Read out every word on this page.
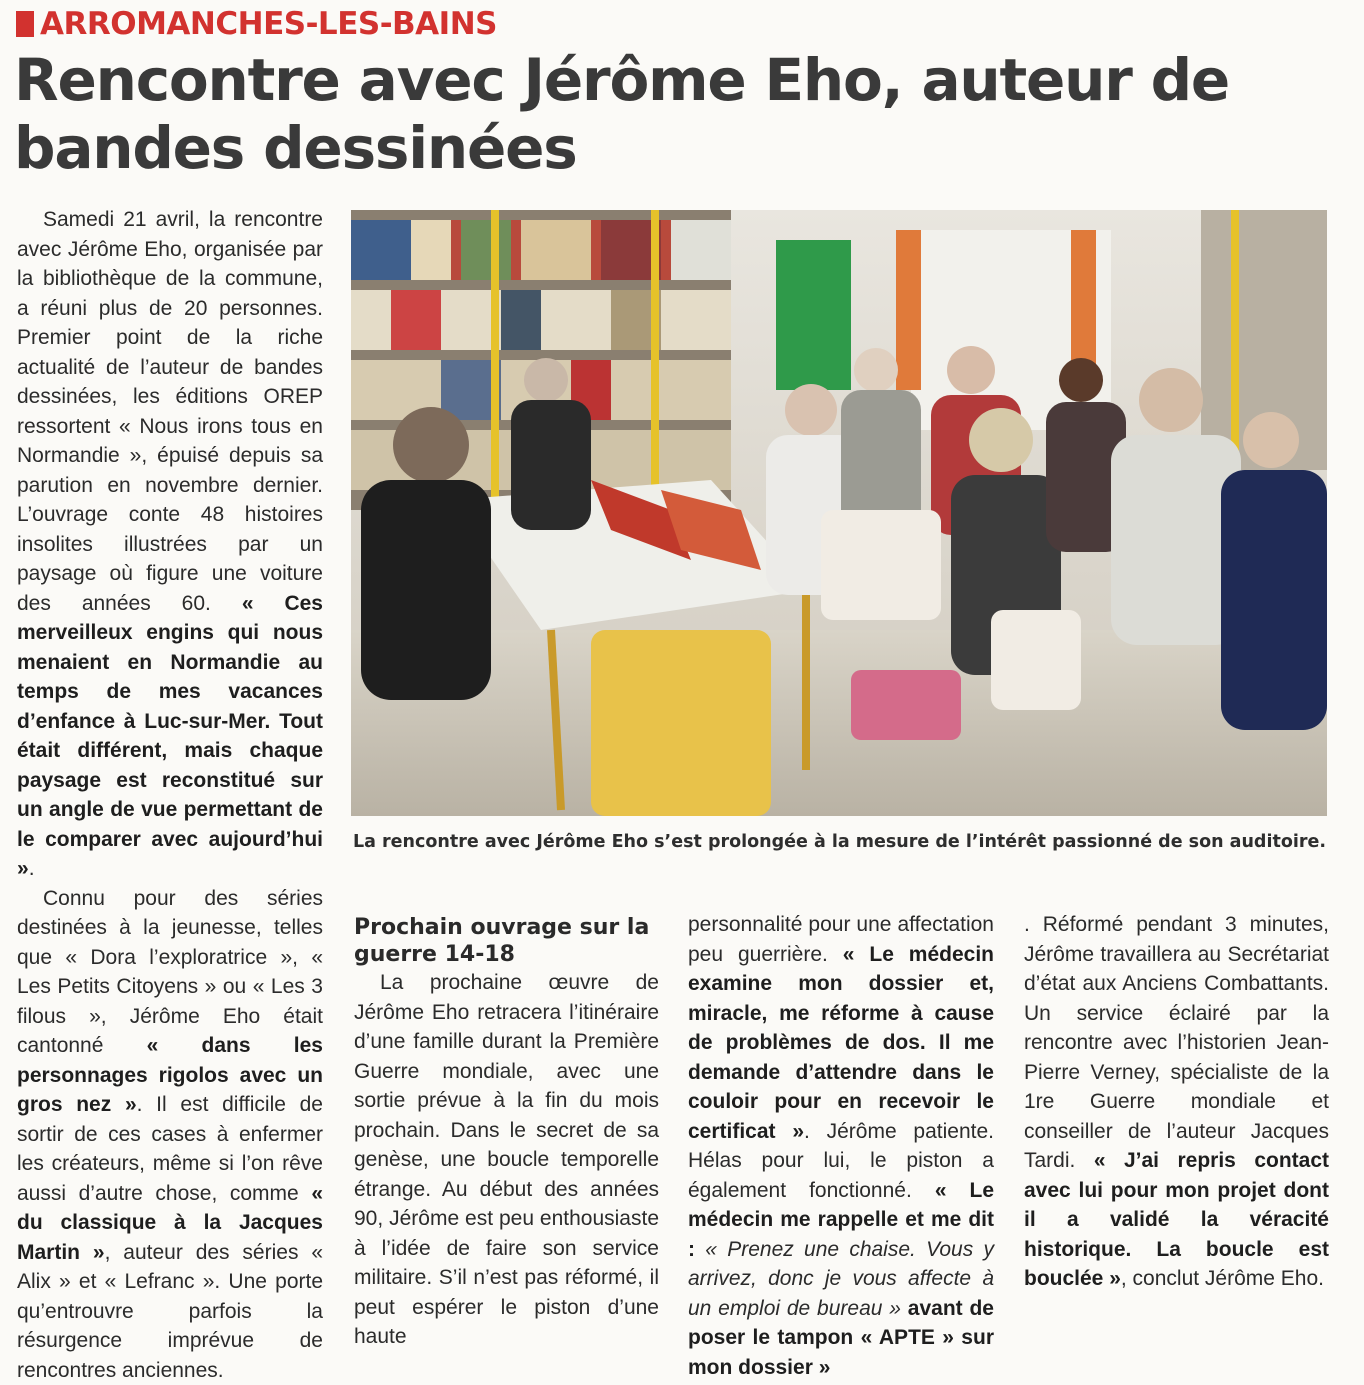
ARROMANCHES-LES-BAINS
Rencontre avec Jérôme Eho, auteur de bandes dessinées

Samedi 21 avril, la rencontre avec Jérôme Eho, organisée par la bibliothèque de la commune, a réuni plus de 20 personnes. Premier point de la riche actualité de l’auteur de bandes dessinées, les éditions OREP ressortent « Nous irons tous en Normandie », épuisé depuis sa parution en novembre dernier. L’ouvrage conte 48 histoires insolites illustrées par un paysage où figure une voiture des années 60. « Ces merveilleux engins qui nous menaient en Normandie au temps de mes vacances d’enfance à Luc-sur-Mer. Tout était différent, mais chaque paysage est reconstitué sur un angle de vue permettant de le comparer avec aujourd’hui ».

Connu pour des séries destinées à la jeunesse, telles que « Dora l’exploratrice », « Les Petits Citoyens » ou « Les 3 filous », Jérôme Eho était cantonné « dans les personnages rigolos avec un gros nez ». Il est difficile de sortir de ces cases à enfermer les créateurs, même si l’on rêve aussi d’autre chose, comme « du classique à la Jacques Martin », auteur des séries « Alix » et « Lefranc ». Une porte qu’entrouvre parfois la résurgence imprévue de rencontres anciennes.

La rencontre avec Jérôme Eho s’est prolongée à la mesure de l’intérêt passionné de son auditoire.
Prochain ouvrage sur la guerre 14-18

La prochaine œuvre de Jérôme Eho retracera l’itinéraire d’une famille durant la Première Guerre mondiale, avec une sortie prévue à la fin du mois prochain. Dans le secret de sa genèse, une boucle temporelle étrange. Au début des années 90, Jérôme est peu enthousiaste à l’idée de faire son service militaire. S’il n’est pas réformé, il peut espérer le piston d’une haute

personnalité pour une affectation peu guerrière. « Le médecin examine mon dossier et, miracle, me réforme à cause de problèmes de dos. Il me demande d’attendre dans le couloir pour en recevoir le certificat ». Jérôme patiente. Hélas pour lui, le piston a également fonctionné. « Le médecin me rappelle et me dit : « Prenez une chaise. Vous y arrivez, donc je vous affecte à un emploi de bureau » avant de poser le tampon « APTE » sur mon dossier »

. Réformé pendant 3 minutes, Jérôme travaillera au Secrétariat d’état aux Anciens Combattants. Un service éclairé par la rencontre avec l’historien Jean-Pierre Verney, spécialiste de la 1re Guerre mondiale et conseiller de l’auteur Jacques Tardi. « J’ai repris contact avec lui pour mon projet dont il a validé la véracité historique. La boucle est bouclée », conclut Jérôme Eho.
